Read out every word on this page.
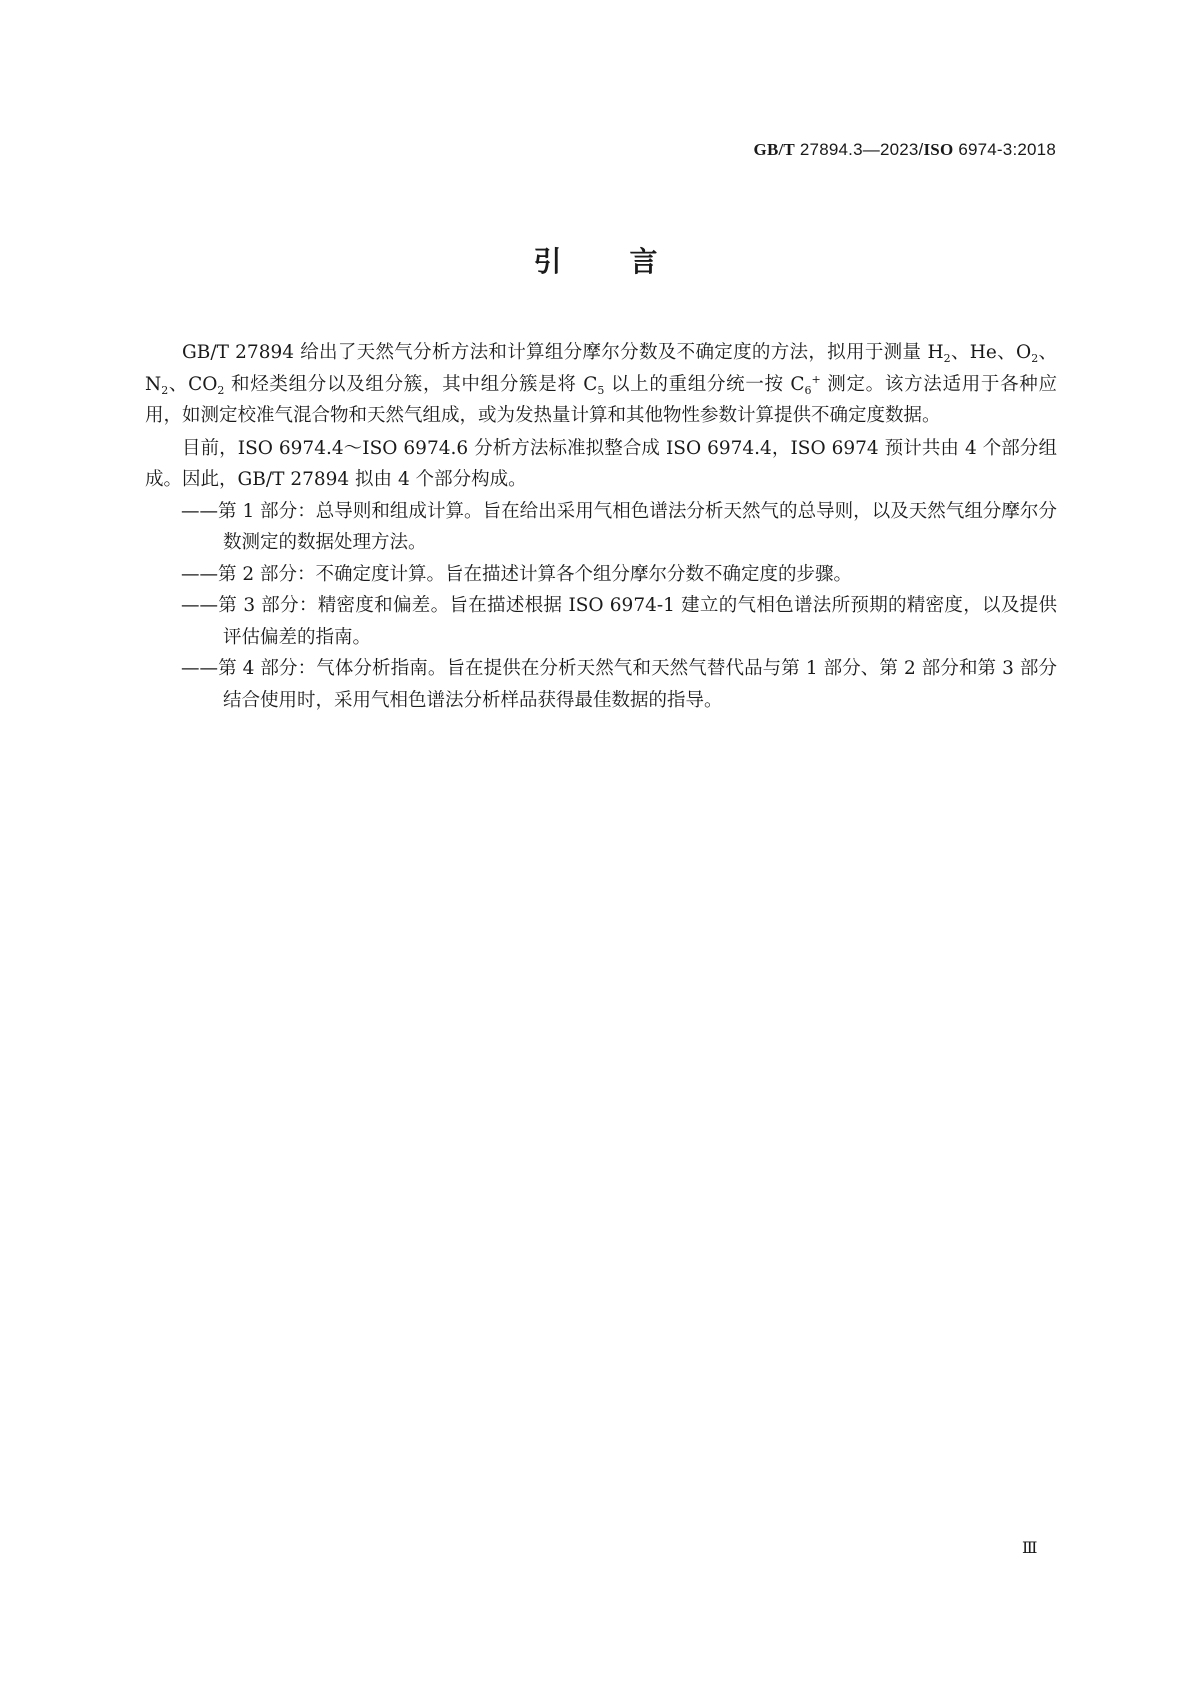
GB/T 27894.3—2023/ISO 6974-3:2018
引言

GB/T 27894 给出了天然气分析方法和计算组分摩尔分数及不确定度的方法，拟用于测量 $H_2$、He、$O_2$、$N_2$、$CO_2$ 和烃类组分以及组分簇，其中组分簇是将 $C_5$ 以上的重组分统一按 $C_6^+$ 测定。该方法适用于各种应用，如测定校准气混合物和天然气组成，或为发热量计算和其他物性参数计算提供不确定度数据。

目前，ISO 6974.4～ISO 6974.6 分析方法标准拟整合成 ISO 6974.4，ISO 6974 预计共由 4 个部分组成。因此，GB/T 27894 拟由 4 个部分构成。

——第 1 部分：总导则和组成计算。旨在给出采用气相色谱法分析天然气的总导则，以及天然气组分摩尔分数测定的数据处理方法。
——第 2 部分：不确定度计算。旨在描述计算各个组分摩尔分数不确定度的步骤。
——第 3 部分：精密度和偏差。旨在描述根据 ISO 6974-1 建立的气相色谱法所预期的精密度，以及提供评估偏差的指南。
——第 4 部分：气体分析指南。旨在提供在分析天然气和天然气替代品与第 1 部分、第 2 部分和第 3 部分结合使用时，采用气相色谱法分析样品获得最佳数据的指导。
Ⅲ
